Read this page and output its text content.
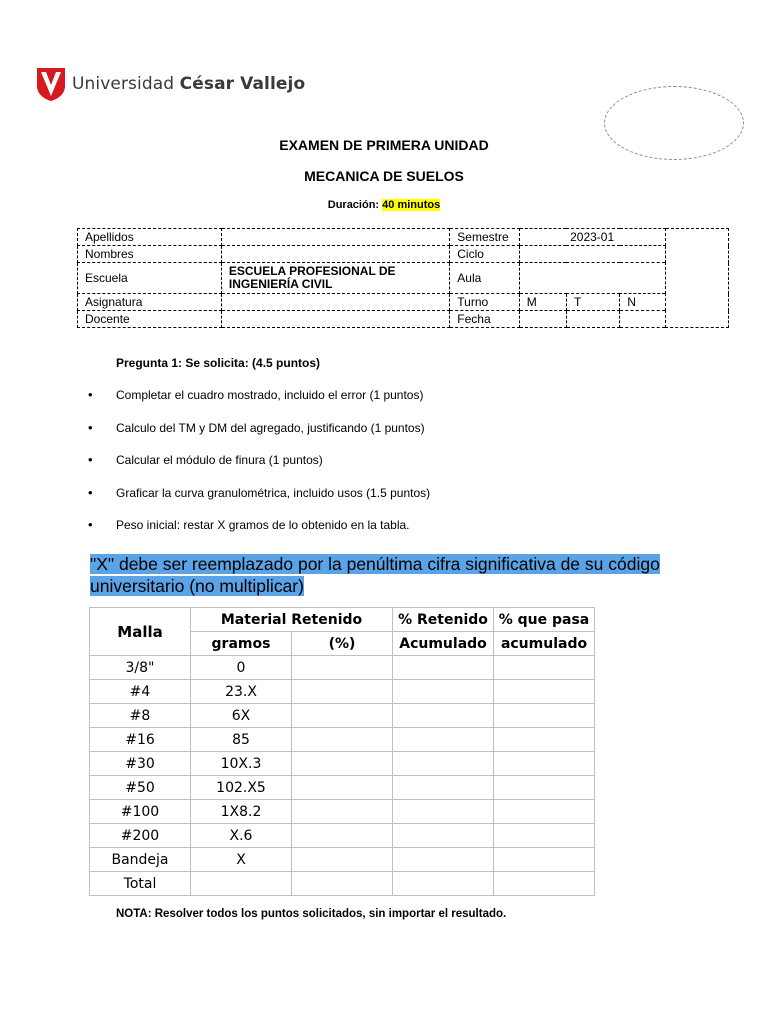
Universidad César Vallejo
EXAMEN DE PRIMERA UNIDAD
MECANICA DE SUELOS
Duración: 40 minutos
Apellidos		Semestre	2023-01			
Nombres		Ciclo				
Escuela	ESCUELA PROFESIONAL DE INGENIERÍA CIVIL	Aula				
Asignatura		Turno	M	T	N	
Docente		Fecha				
Pregunta 1: Se solicita: (4.5 puntos)
•	Completar el cuadro mostrado, incluido el error (1 puntos)
•	Calculo del TM y DM del agregado, justificando (1 puntos)
•	Calcular el módulo de finura (1 puntos)
•	Graficar la curva granulométrica, incluido usos (1.5 puntos)
•	Peso inicial: restar X gramos de lo obtenido en la tabla.
"X" debe ser reemplazado por la penúltima cifra significativa de su código universitario (no multiplicar)
Malla	Material Retenido		% Retenido	% que pasa
	gramos	(%)	Acumulado	acumulado
3/8"	0			
#4	23.X			
#8	6X			
#16	85			
#30	10X.3			
#50	102.X5			
#100	1X8.2			
#200	X.6			
Bandeja	X			
Total				
NOTA: Resolver todos los puntos solicitados, sin importar el resultado.
